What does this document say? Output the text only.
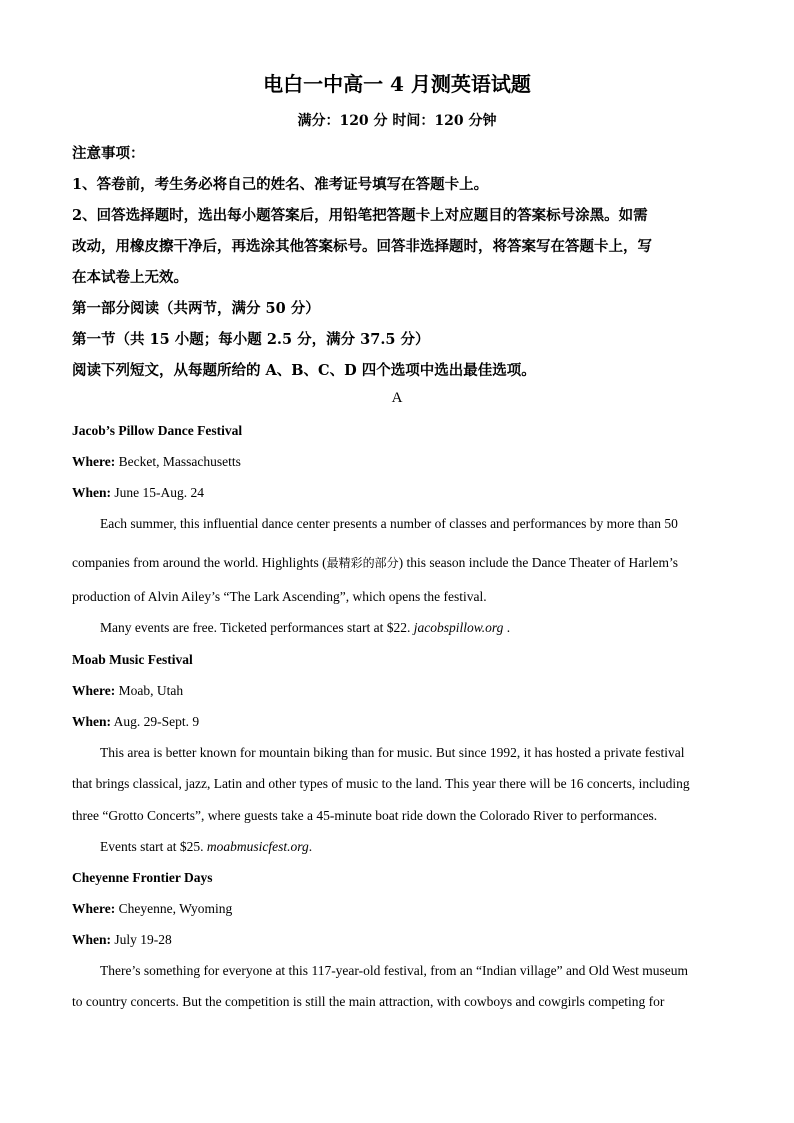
电白一中高一 4 月测英语试题
满分：120 分 时间：120 分钟
注意事项：
1、答卷前，考生务必将自己的姓名、准考证号填写在答题卡上。
2、回答选择题时，选出每小题答案后，用铅笔把答题卡上对应题目的答案标号涂黑。如需
改动，用橡皮擦干净后，再选涂其他答案标号。回答非选择题时，将答案写在答题卡上，写
在本试卷上无效。
第一部分阅读（共两节，满分 50 分）
第一节（共 15 小题；每小题 2.5 分，满分 37.5 分）
阅读下列短文，从每题所给的 A、B、C、D 四个选项中选出最佳选项。
A
Jacob’s Pillow Dance Festival
Where: Becket, Massachusetts
When: June 15-Aug. 24
Each summer, this influential dance center presents a number of classes and performances by more than 50
companies from around the world. Highlights (最精彩的部分) this season include the Dance Theater of Harlem’s
production of Alvin Ailey’s “The Lark Ascending”, which opens the festival.
Many events are free. Ticketed performances start at $22. jacobspillow.org .
Moab Music Festival
Where: Moab, Utah
When: Aug. 29-Sept. 9
This area is better known for mountain biking than for music. But since 1992, it has hosted a private festival
that brings classical, jazz, Latin and other types of music to the land. This year there will be 16 concerts, including
three “Grotto Concerts”, where guests take a 45-minute boat ride down the Colorado River to performances.
Events start at $25. moabmusicfest.org.
Cheyenne Frontier Days
Where: Cheyenne, Wyoming
When: July 19-28
There’s something for everyone at this 117-year-old festival, from an “Indian village” and Old West museum
to country concerts. But the competition is still the main attraction, with cowboys and cowgirls competing for
